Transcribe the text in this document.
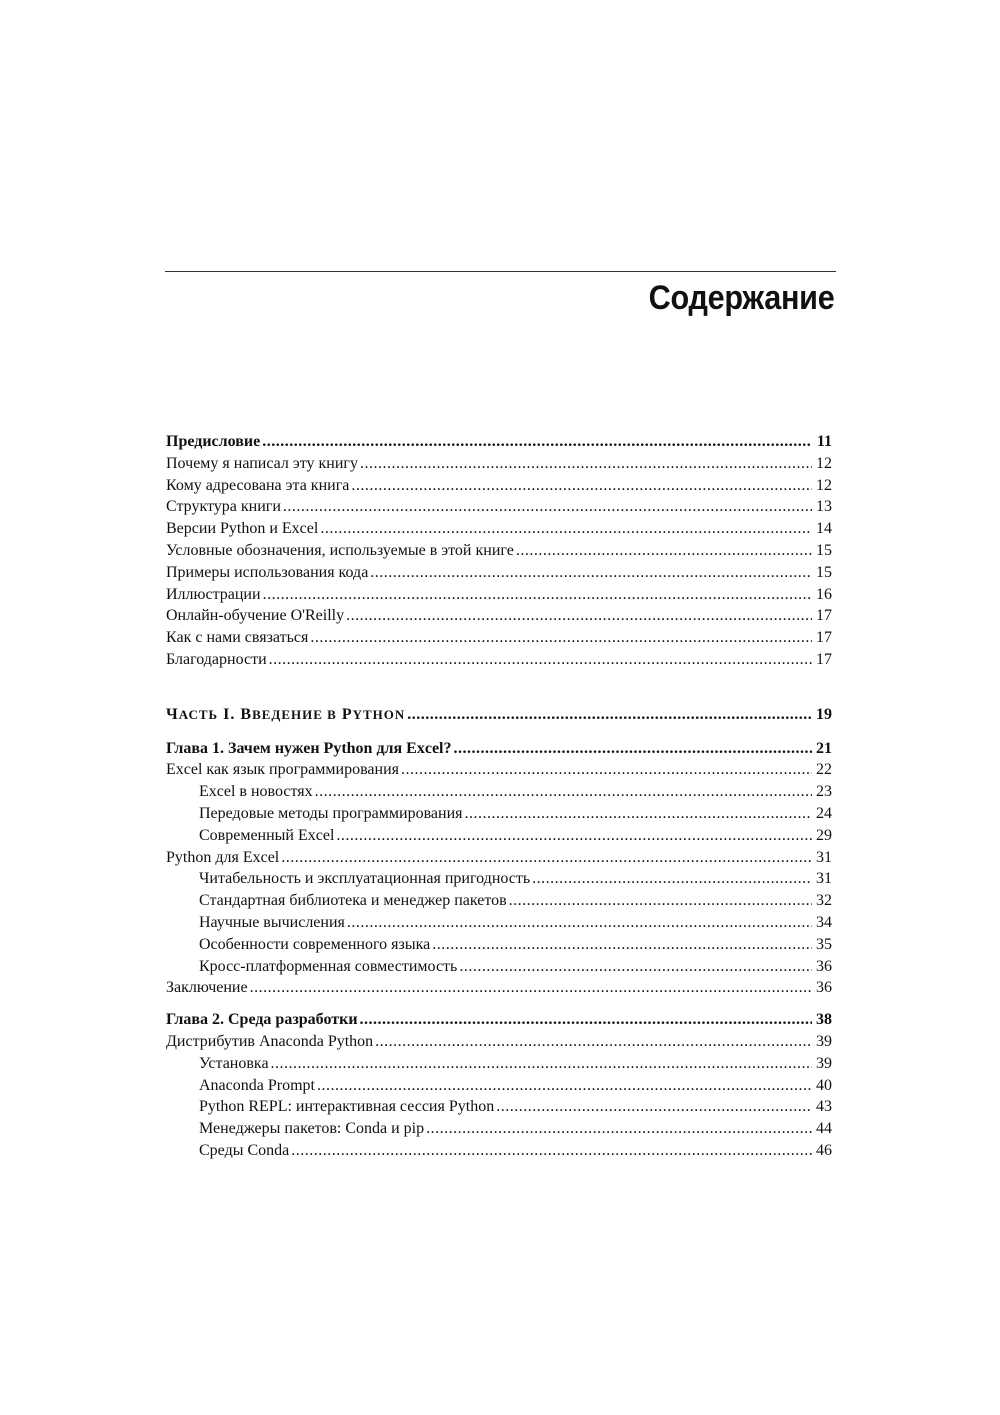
Содержание
Предисловие .....	11
Почему я написал эту книгу .....	12
Кому адресована эта книга .....	12
Структура книги .....	13
Версии Python и Excel .....	14
Условные обозначения, используемые в этой книге .....	15
Примеры использования кода .....	15
Иллюстрации .....	16
Онлайн-обучение O'Reilly .....	17
Как с нами связаться .....	17
Благодарности .....	17
ЧАСТЬ I. ВВЕДЕНИЕ В PYTHON .....	19
Глава 1. Зачем нужен Python для Excel? .....	21
Excel как язык программирования .....	22
Excel в новостях .....	23
Передовые методы программирования .....	24
Современный Excel .....	29
Python для Excel .....	31
Читабельность и эксплуатационная пригодность .....	31
Стандартная библиотека и менеджер пакетов .....	32
Научные вычисления .....	34
Особенности современного языка .....	35
Кросс-платформенная совместимость .....	36
Заключение .....	36
Глава 2. Среда разработки .....	38
Дистрибутив Anaconda Python .....	39
Установка .....	39
Anaconda Prompt .....	40
Python REPL: интерактивная сессия Python .....	43
Менеджеры пакетов: Conda и pip .....	44
Среды Conda .....	46
